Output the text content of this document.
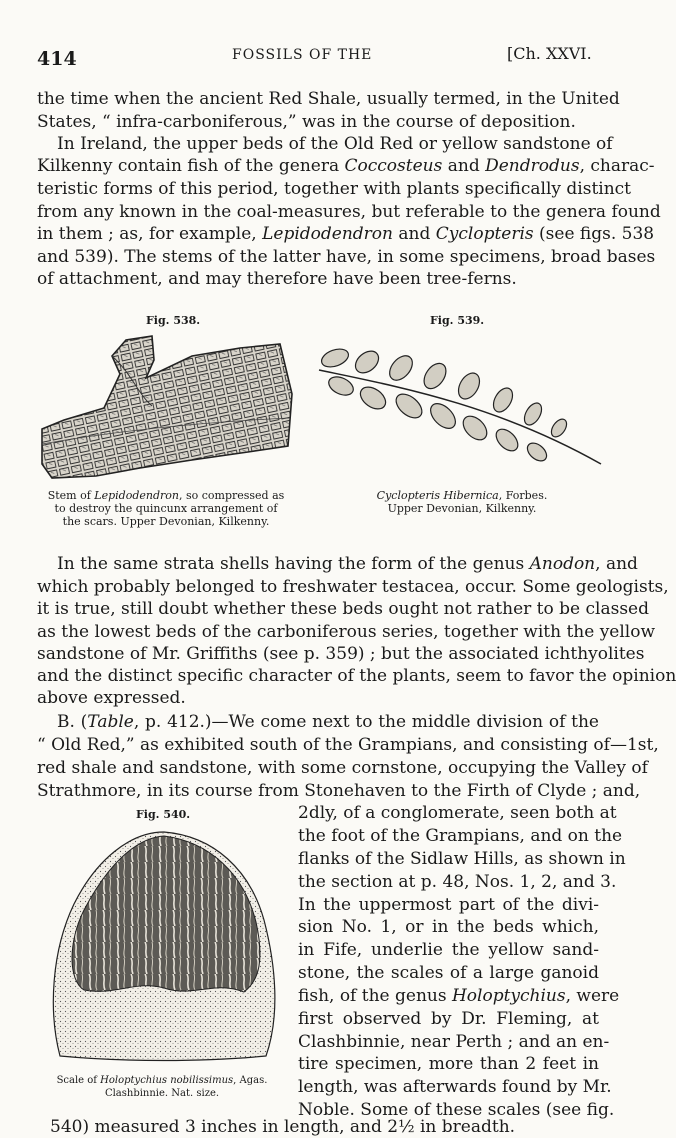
414	FOSSILS OF THE	[Ch. XXVI.
the time when the ancient Red Shale, usually termed, in the United
States, “ infra-carboniferous,” was in the course of deposition.
In Ireland, the upper beds of the Old Red or yellow sandstone of
Kilkenny contain fish of the genera Coccosteus and Dendrodus, charac-
teristic forms of this period, together with plants specifically distinct
from any known in the coal-measures, but referable to the genera found
in them ; as, for example, Lepidodendron and Cyclopteris (see figs. 538
and 539). The stems of the latter have, in some specimens, broad bases
of attachment, and may therefore have been tree-ferns.
Fig. 538.
Stem of Lepidodendron, so compressed as
to destroy the quincunx arrangement of
the scars. Upper Devonian, Kilkenny.
Fig. 539.
Cyclopteris Hibernica, Forbes.
Upper Devonian, Kilkenny.
In the same strata shells having the form of the genus Anodon, and
which probably belonged to freshwater testacea, occur. Some geologists,
it is true, still doubt whether these beds ought not rather to be classed
as the lowest beds of the carboniferous series, together with the yellow
sandstone of Mr. Griffiths (see p. 359) ; but the associated ichthyolites
and the distinct specific character of the plants, seem to favor the opinion
above expressed.
B. (Table, p. 412.)—We come next to the middle division of the
“ Old Red,” as exhibited south of the Grampians, and consisting of—1st,
red shale and sandstone, with some cornstone, occupying the Valley of
Strathmore, in its course from Stonehaven to the Firth of Clyde ; and,
2dly, of a conglomerate, seen both at
the foot of the Grampians, and on the
flanks of the Sidlaw Hills, as shown in
the section at p. 48, Nos. 1, 2, and 3.
In the uppermost part of the divi-
sion No. 1, or in the beds which,
in Fife, underlie the yellow sand-
stone, the scales of a large ganoid
fish, of the genus Holoptychius, were
first observed by Dr. Fleming, at
Clashbinnie, near Perth ; and an en-
tire specimen, more than 2 feet in
length, was afterwards found by Mr.
Noble. Some of these scales (see fig.
540) measured 3 inches in length, and 2½ in breadth.
Fig. 540.
Scale of Holoptychius nobilissimus, Agas.
Clashbinnie. Nat. size.
